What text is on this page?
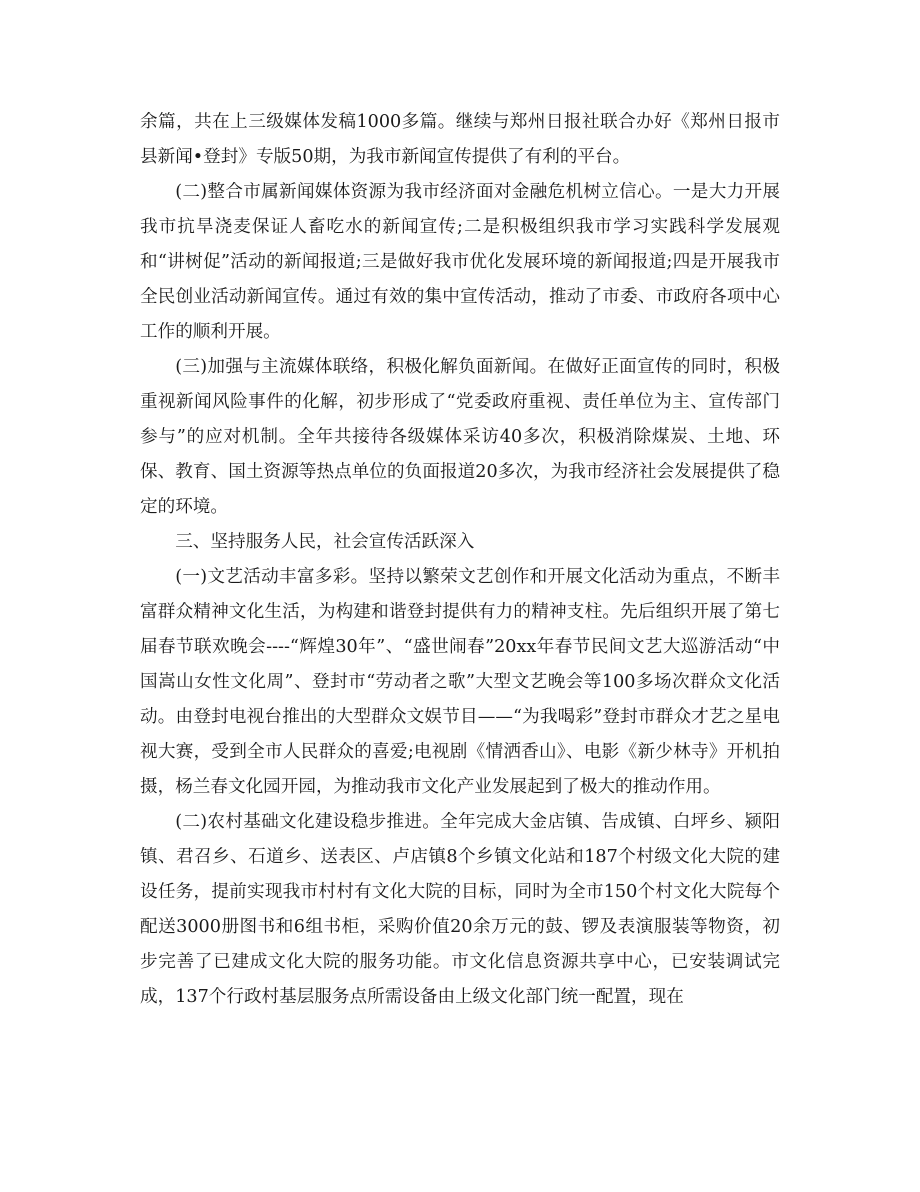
余篇，共在上三级媒体发稿1000多篇。继续与郑州日报社联合办好《郑州日报市县新闻•登封》专版50期，为我市新闻宣传提供了有利的平台。

(二)整合市属新闻媒体资源为我市经济面对金融危机树立信心。一是大力开展我市抗旱浇麦保证人畜吃水的新闻宣传;二是积极组织我市学习实践科学发展观和“讲树促”活动的新闻报道;三是做好我市优化发展环境的新闻报道;四是开展我市全民创业活动新闻宣传。通过有效的集中宣传活动，推动了市委、市政府各项中心工作的顺利开展。

(三)加强与主流媒体联络，积极化解负面新闻。在做好正面宣传的同时，积极重视新闻风险事件的化解，初步形成了“党委政府重视、责任单位为主、宣传部门参与”的应对机制。全年共接待各级媒体采访40多次，积极消除煤炭、土地、环保、教育、国土资源等热点单位的负面报道20多次，为我市经济社会发展提供了稳定的环境。

三、坚持服务人民，社会宣传活跃深入

(一)文艺活动丰富多彩。坚持以繁荣文艺创作和开展文化活动为重点，不断丰富群众精神文化生活，为构建和谐登封提供有力的精神支柱。先后组织开展了第七届春节联欢晚会----“辉煌30年”、“盛世闹春”20xx年春节民间文艺大巡游活动“中国嵩山女性文化周”、登封市“劳动者之歌”大型文艺晚会等100多场次群众文化活动。由登封电视台推出的大型群众文娱节目——“为我喝彩”登封市群众才艺之星电视大赛，受到全市人民群众的喜爱;电视剧《情洒香山》、电影《新少林寺》开机拍摄，杨兰春文化园开园，为推动我市文化产业发展起到了极大的推动作用。

(二)农村基础文化建设稳步推进。全年完成大金店镇、告成镇、白坪乡、颍阳镇、君召乡、石道乡、送表区、卢店镇8个乡镇文化站和187个村级文化大院的建设任务，提前实现我市村村有文化大院的目标，同时为全市150个村文化大院每个配送3000册图书和6组书柜，采购价值20余万元的鼓、锣及表演服装等物资，初步完善了已建成文化大院的服务功能。市文化信息资源共享中心，已安装调试完成，137个行政村基层服务点所需设备由上级文化部门统一配置，现在
